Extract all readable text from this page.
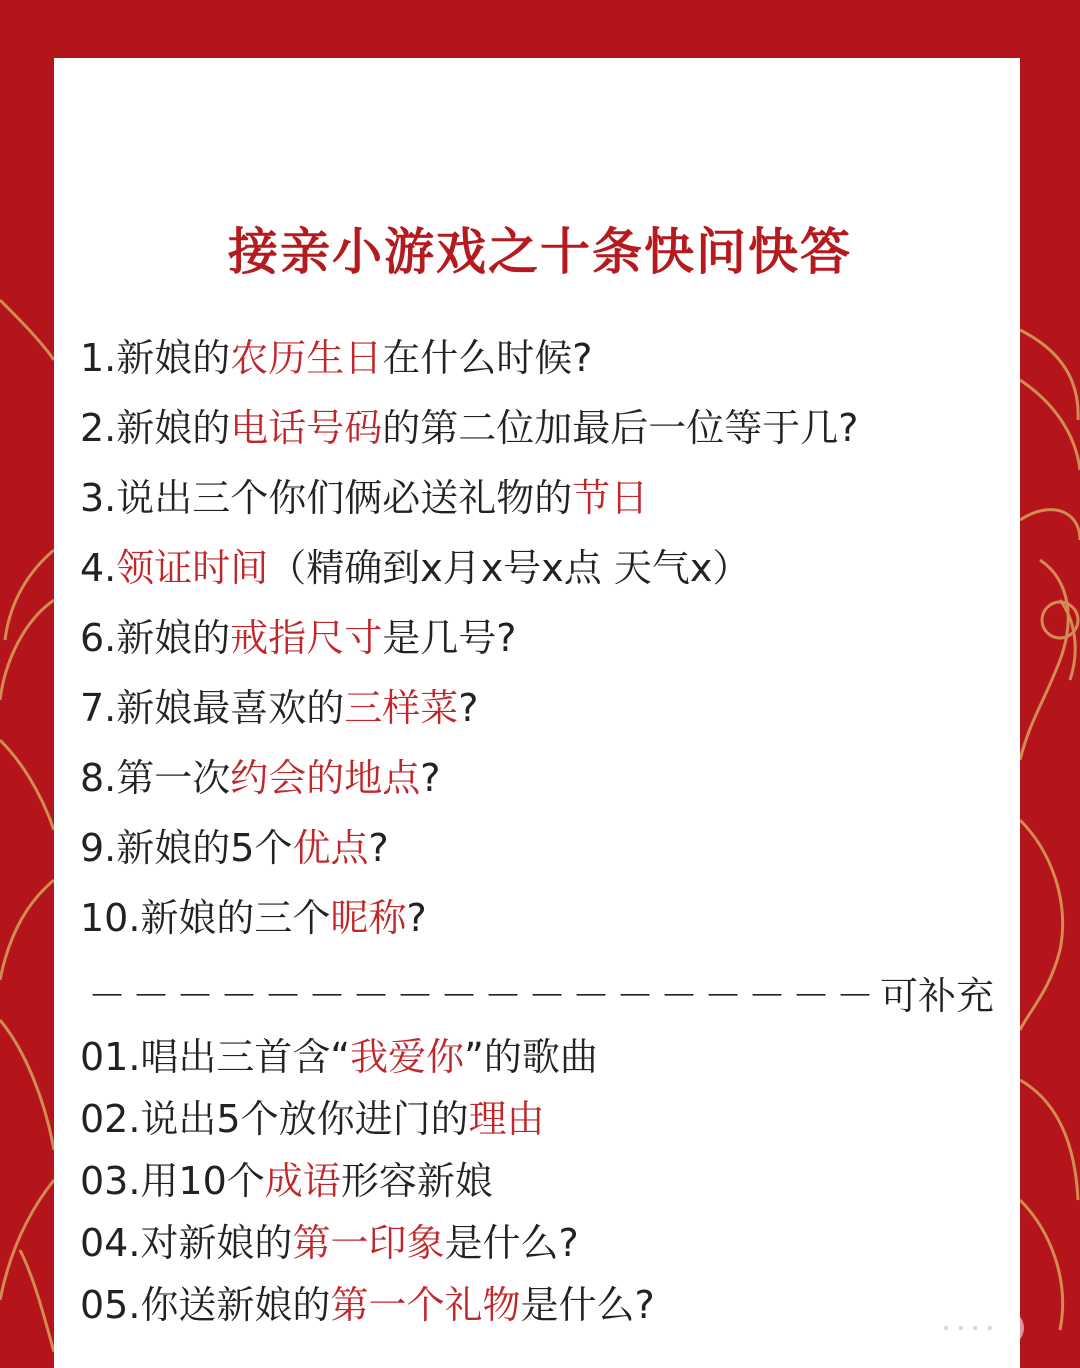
接亲小游戏之十条快问快答
1.新娘的农历生日在什么时候?
2.新娘的电话号码的第二位加最后一位等于几?
3.说出三个你们俩必送礼物的节日
4.领证时间（精确到x月x号x点 天气x）
6.新娘的戒指尺寸是几号?
7.新娘最喜欢的三样菜?
8.第一次约会的地点?
9.新娘的5个优点?
10.新娘的三个昵称?
－－－－－－－－－－－－－－－－－－可补充
01.唱出三首含“我爱你”的歌曲
02.说出5个放你进门的理由
03.用10个成语形容新娘
04.对新娘的第一印象是什么?
05.你送新娘的第一个礼物是什么?
· · · ·
